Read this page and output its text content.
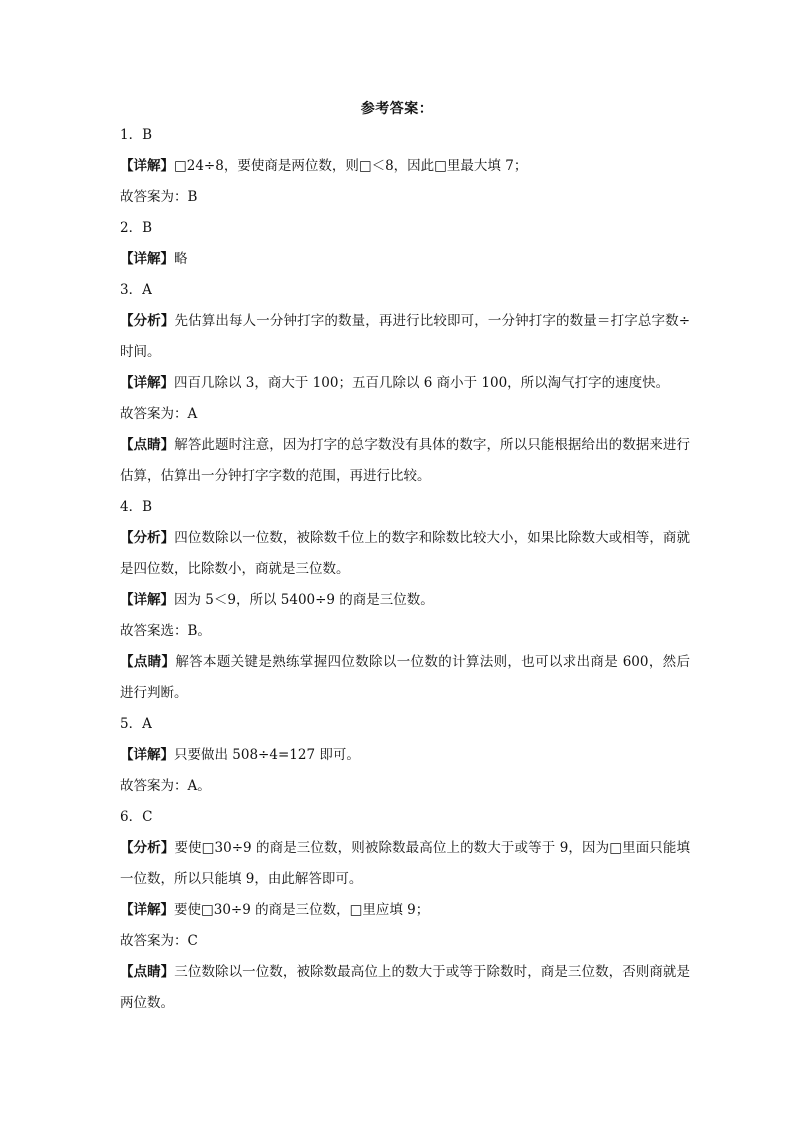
参考答案：
1．B
【详解】□24÷8，要使商是两位数，则□＜8，因此□里最大填 7；
故答案为：B
2．B
【详解】略
3．A
【分析】先估算出每人一分钟打字的数量，再进行比较即可，一分钟打字的数量＝打字总字数÷时间。
【详解】四百几除以 3，商大于 100；五百几除以 6 商小于 100，所以淘气打字的速度快。
故答案为：A
【点睛】解答此题时注意，因为打字的总字数没有具体的数字，所以只能根据给出的数据来进行估算，估算出一分钟打字字数的范围，再进行比较。
4．B
【分析】四位数除以一位数，被除数千位上的数字和除数比较大小，如果比除数大或相等，商就是四位数，比除数小，商就是三位数。
【详解】因为 5＜9，所以 5400÷9 的商是三位数。
故答案选：B。
【点睛】解答本题关键是熟练掌握四位数除以一位数的计算法则，也可以求出商是 600，然后进行判断。
5．A
【详解】只要做出 508÷4=127 即可。
故答案为：A。
6．C
【分析】要使□30÷9 的商是三位数，则被除数最高位上的数大于或等于 9，因为□里面只能填一位数，所以只能填 9，由此解答即可。
【详解】要使□30÷9 的商是三位数，□里应填 9；
故答案为：C
【点睛】三位数除以一位数，被除数最高位上的数大于或等于除数时，商是三位数，否则商就是两位数。
